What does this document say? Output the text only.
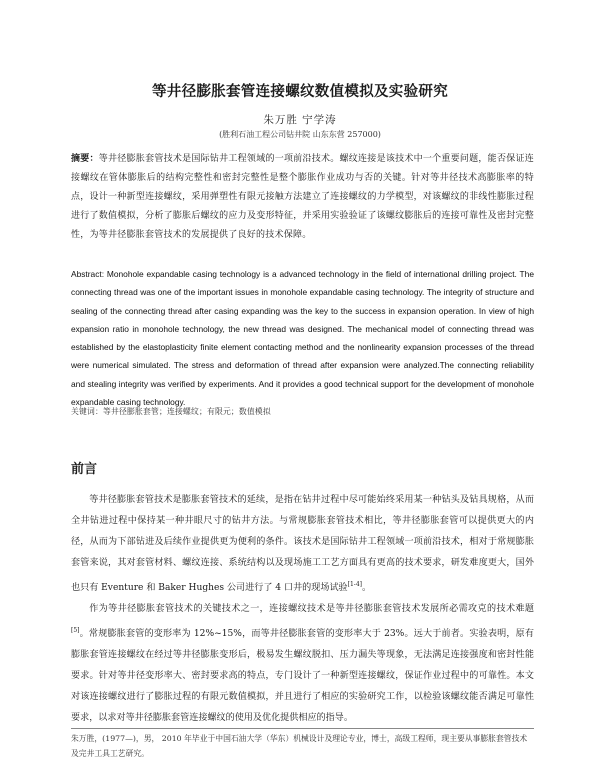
等井径膨胀套管连接螺纹数值模拟及实验研究
朱万胜 宁学涛
(胜利石油工程公司钻井院 山东东营 257000)
摘要：等井径膨胀套管技术是国际钻井工程领域的一项前沿技术。螺纹连接是该技术中一个重要问题，能否保证连接螺纹在管体膨胀后的结构完整性和密封完整性是整个膨胀作业成功与否的关键。针对等井径技术高膨胀率的特点，设计一种新型连接螺纹，采用弹塑性有限元接触方法建立了连接螺纹的力学模型，对该螺纹的非线性膨胀过程进行了数值模拟，分析了膨胀后螺纹的应力及变形特征，并采用实验验证了该螺纹膨胀后的连接可靠性及密封完整性，为等井径膨胀套管技术的发展提供了良好的技术保障。
Abstract: Monohole expandable casing technology is a advanced technology in the field of international drilling project. The connecting thread was one of the important issues in monohole expandable casing technology. The integrity of structure and sealing of the connecting thread after casing expanding was the key to the success in expansion operation. In view of high expansion ratio in monohole technology, the new thread was designed. The mechanical model of connecting thread was established by the elastoplasticity finite element contacting method and the nonlinearity expansion processes of the thread were numerical simulated. The stress and deformation of thread after expansion were analyzed.The connecting reliability and stealing integrity was verified by experiments. And it provides a good technical support for the development of monohole expandable casing technology.
关键词：等井径膨胀套管；连接螺纹；有限元；数值模拟
前言

等井径膨胀套管技术是膨胀套管技术的延续，是指在钻井过程中尽可能始终采用某一种钻头及钻具规格，从而全井钻进过程中保持某一种井眼尺寸的钻井方法。与常规膨胀套管技术相比，等井径膨胀套管可以提供更大的内径，从而为下部钻进及后续作业提供更为便利的条件。该技术是国际钻井工程领域一项前沿技术，相对于常规膨胀套管来说，其对套管材料、螺纹连接、系统结构以及现场施工工艺方面具有更高的技术要求，研发难度更大，国外也只有 Eventure 和 Baker Hughes 公司进行了 4 口井的现场试验[1-4]。

作为等井径膨胀套管技术的关键技术之一，连接螺纹技术是等井径膨胀套管技术发展所必需攻克的技术难题[5]。常规膨胀套管的变形率为 12%~15%，而等井径膨胀套管的变形率大于 23%。远大于前者。实验表明，原有膨胀套管连接螺纹在经过等井径膨胀变形后，极易发生螺纹脱扣、压力漏失等现象，无法满足连接强度和密封性能要求。针对等井径变形率大、密封要求高的特点，专门设计了一种新型连接螺纹，保证作业过程中的可靠性。本文对该连接螺纹进行了膨胀过程的有限元数值模拟，并且进行了相应的实验研究工作，以检验该螺纹能否满足可靠性要求，以求对等井径膨胀套管连接螺纹的使用及优化提供相应的指导。

朱万胜，(1977—)，男， 2010 年毕业于中国石油大学（华东）机械设计及理论专业，博士，高级工程师，现主要从事膨胀套管技术及完井工具工艺研究。
